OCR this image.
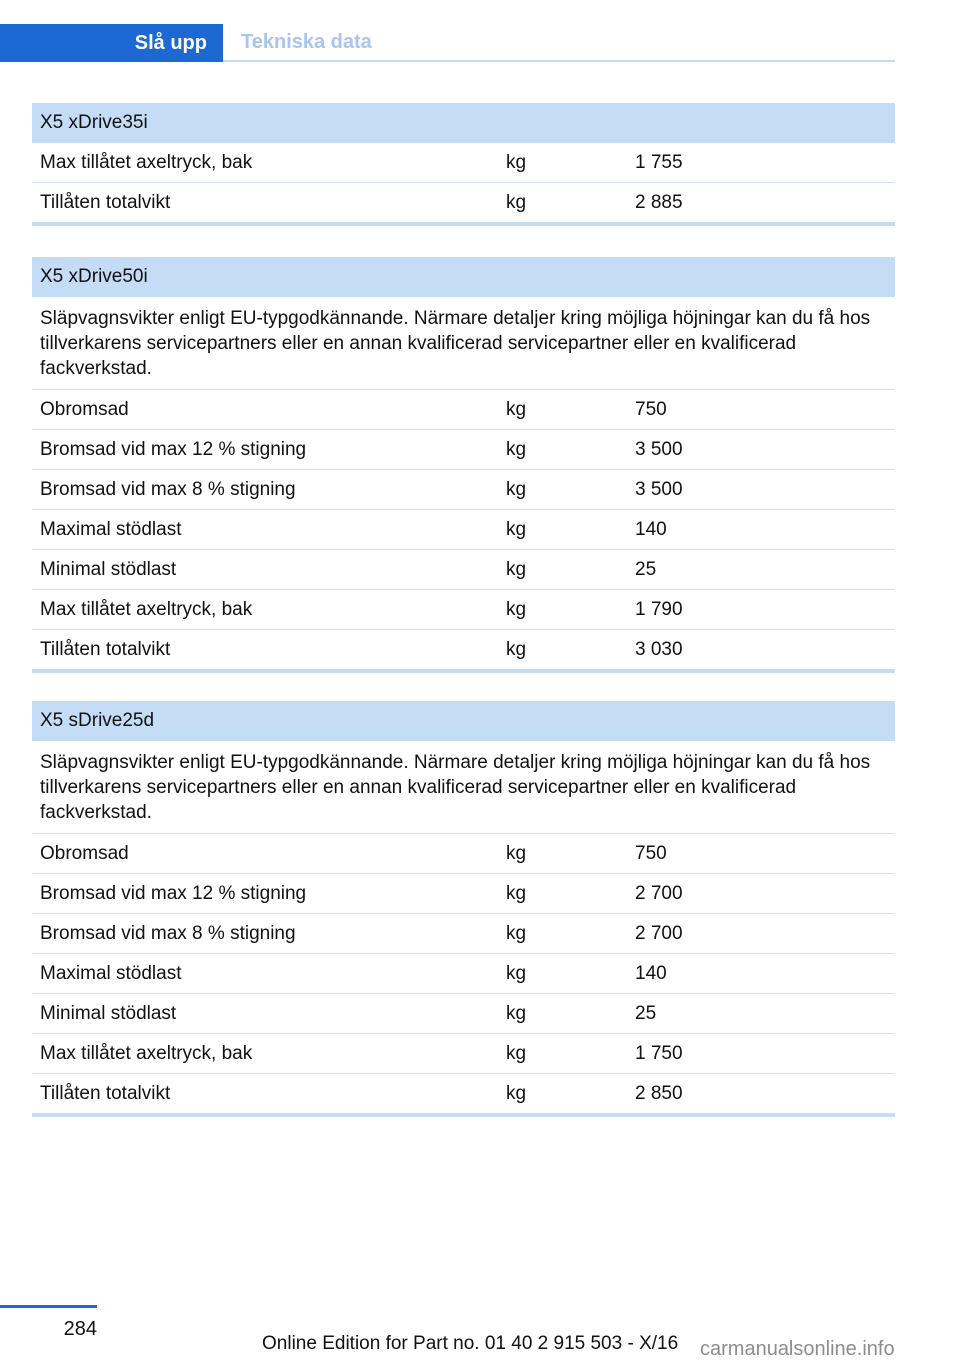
Slå upp	Tekniska data
X5 xDrive35i
Max tillåtet axeltryck, bak	kg	1 755
Tillåten totalvikt	kg	2 885
X5 xDrive50i
Släpvagnsvikter enligt EU-typgodkännande. Närmare detaljer kring möjliga höjningar kan du få hos tillverkarens servicepartners eller en annan kvalificerad servicepartner eller en kvalificerad fackverkstad.
Obromsad	kg	750
Bromsad vid max 12 % stigning	kg	3 500
Bromsad vid max 8 % stigning	kg	3 500
Maximal stödlast	kg	140
Minimal stödlast	kg	25
Max tillåtet axeltryck, bak	kg	1 790
Tillåten totalvikt	kg	3 030
X5 sDrive25d
Släpvagnsvikter enligt EU-typgodkännande. Närmare detaljer kring möjliga höjningar kan du få hos tillverkarens servicepartners eller en annan kvalificerad servicepartner eller en kvalificerad fackverkstad.
Obromsad	kg	750
Bromsad vid max 12 % stigning	kg	2 700
Bromsad vid max 8 % stigning	kg	2 700
Maximal stödlast	kg	140
Minimal stödlast	kg	25
Max tillåtet axeltryck, bak	kg	1 750
Tillåten totalvikt	kg	2 850
284
Online Edition for Part no. 01 40 2 915 503 - X/16 carmanualsonline.info
